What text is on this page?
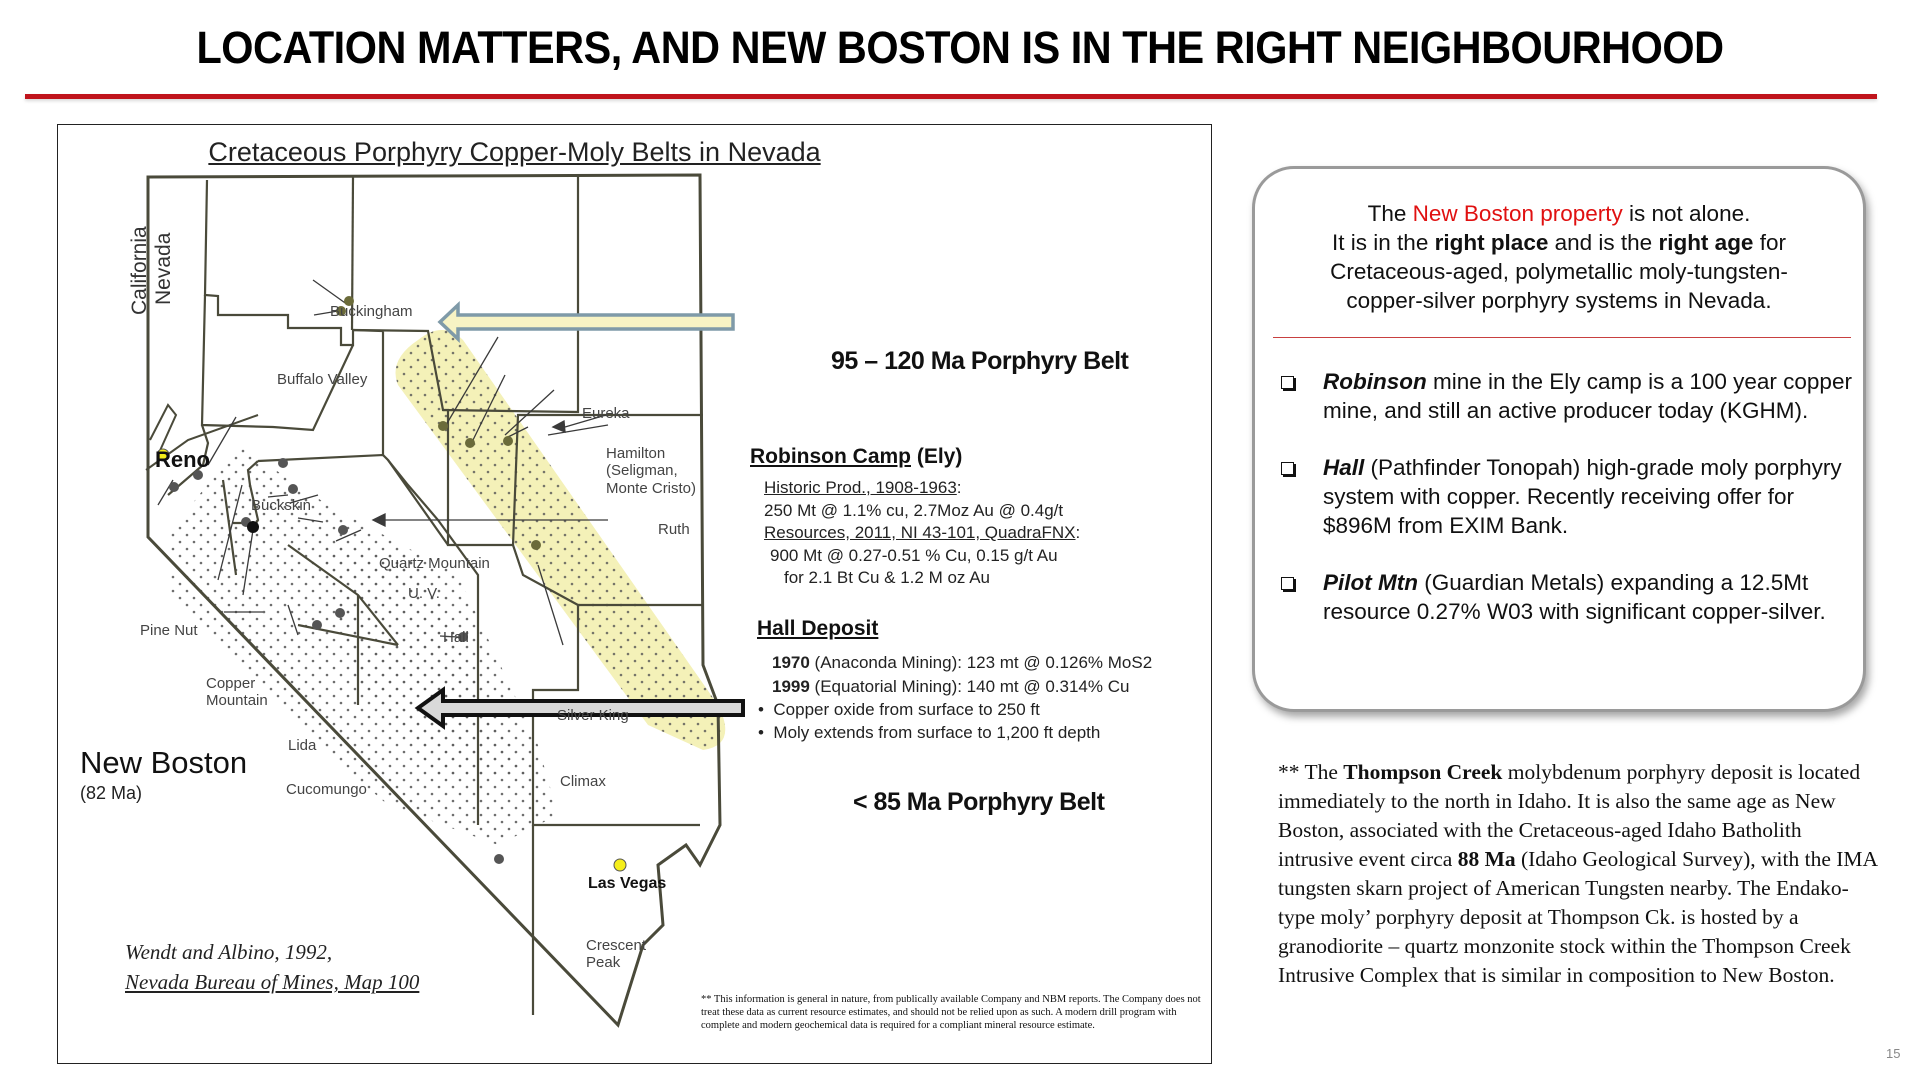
LOCATION MATTERS, AND NEW BOSTON IS IN THE RIGHT NEIGHBOURHOOD
Cretaceous Porphyry Copper-Moly Belts in Nevada
California Nevada
Reno
Las Vegas
Buckingham
Buffalo Valley
Eureka
Hamilton
(Seligman,
Monte Cristo)
Ruth
Buckskin
Quartz Mountain
U. V.
Hall
Pine Nut
Copper
Mountain
Lida
Cucomungo
Silver King
Climax
Crescent
Peak
New Boston
(82 Ma)
95 – 120 Ma Porphyry Belt
< 85 Ma Porphyry Belt
Robinson Camp (Ely)
Historic Prod., 1908-1963:
250 Mt @ 1.1% cu, 2.7Moz Au @ 0.4g/t
Resources, 2011, NI 43-101, QuadraFNX:
900 Mt @ 0.27-0.51 % Cu, 0.15 g/t Au
for 2.1 Bt Cu & 1.2 M oz Au
Hall Deposit
1970 (Anaconda Mining): 123 mt @ 0.126% MoS2
1999 (Equatorial Mining): 140 mt @ 0.314% Cu
•  Copper oxide from surface to 250 ft
•  Moly extends from surface to 1,200 ft depth
Wendt and Albino, 1992,
Nevada Bureau of Mines, Map 100
** This information is general in nature, from publically available Company and NBM reports. The Company does not treat these data as current resource estimates, and should not be relied upon as such. A modern drill program with complete and modern geochemical data is required for a compliant mineral resource estimate.
The New Boston property is not alone.
It is in the right place and is the right age for
Cretaceous-aged, polymetallic moly-tungsten-
copper-silver porphyry systems in Nevada.
Robinson mine in the Ely camp is a 100 year copper mine, and still an active producer today (KGHM).
Hall (Pathfinder Tonopah) high-grade moly porphyry system with copper. Recently receiving offer for $896M from EXIM Bank.
Pilot Mtn (Guardian Metals) expanding a 12.5Mt resource 0.27% W03 with significant copper-silver.
** The Thompson Creek molybdenum porphyry deposit is located immediately to the north in Idaho. It is also the same age as New Boston, associated with the Cretaceous-aged Idaho Batholith intrusive event circa 88 Ma (Idaho Geological Survey), with the IMA tungsten skarn project of American Tungsten nearby. The Endako-type moly’ porphyry deposit at Thompson Ck. is hosted by a granodiorite – quartz monzonite stock within the Thompson Creek Intrusive Complex that is similar in composition to New Boston.
15
